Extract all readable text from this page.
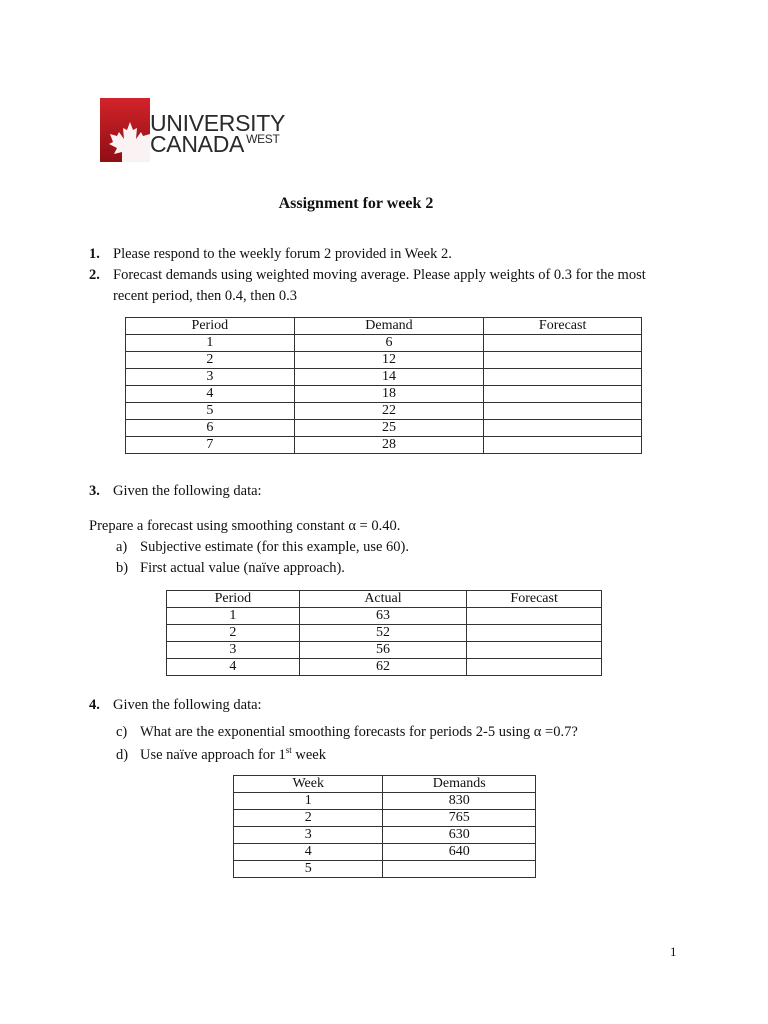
UNIVERSITY
CANADA $^{WEST}$
Assignment for week 2
1. Please respond to the weekly forum 2 provided in Week 2.
2. Forecast demands using weighted moving average. Please apply weights of 0.3 for the most
recent period, then 0.4, then 0.3
Period	Demand	Forecast
1	6	
2	12	
3	14	
4	18	
5	22	
6	25	
7	28	
3. Given the following data:
Prepare a forecast using smoothing constant α = 0.40.
a) Subjective estimate (for this example, use 60).
b) First actual value (naïve approach).
Period	Actual	Forecast
1	63	
2	52	
3	56	
4	62	
4. Given the following data:
c) What are the exponential smoothing forecasts for periods 2-5 using α =0.7?
d) Use naïve approach for 1st week
Week	Demands
1	830
2	765
3	630
4	640
5	
1
